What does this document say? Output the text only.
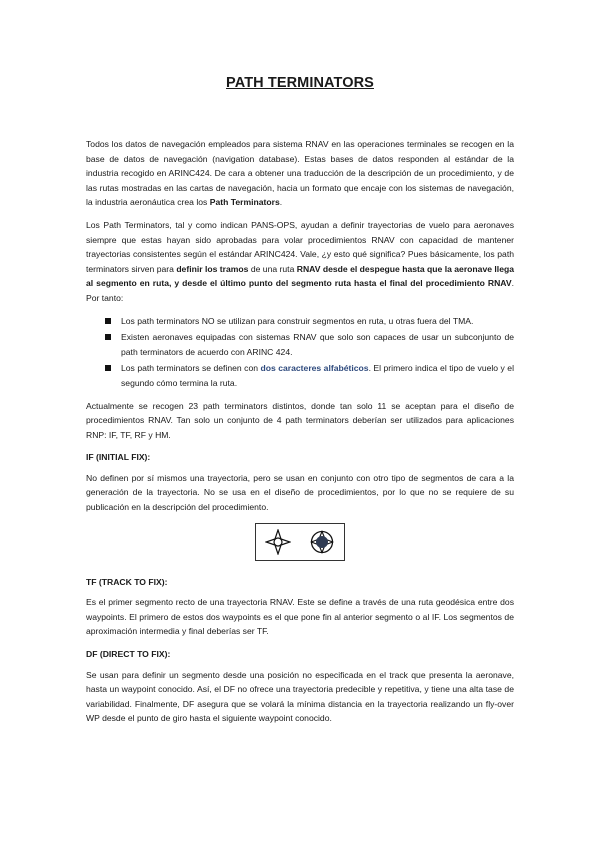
PATH TERMINATORS

Todos los datos de navegación empleados para sistema RNAV en las operaciones terminales se recogen en la base de datos de navegación (navigation database). Estas bases de datos responden al estándar de la industria recogido en ARINC424. De cara a obtener una traducción de la descripción de un procedimiento, y de las rutas mostradas en las cartas de navegación, hacia un formato que encaje con los sistemas de navegación, la industria aeronáutica crea los Path Terminators.

Los Path Terminators, tal y como indican PANS-OPS, ayudan a definir trayectorias de vuelo para aeronaves siempre que estas hayan sido aprobadas para volar procedimientos RNAV con capacidad de mantener trayectorias consistentes según el estándar ARINC424. Vale, ¿y esto qué significa? Pues básicamente, los path terminators sirven para definir los tramos de una ruta RNAV desde el despegue hasta que la aeronave llega al segmento en ruta, y desde el último punto del segmento ruta hasta el final del procedimiento RNAV. Por tanto:

Los path terminators NO se utilizan para construir segmentos en ruta, u otras fuera del TMA.
Existen aeronaves equipadas con sistemas RNAV que solo son capaces de usar un subconjunto de path terminators de acuerdo con ARINC 424.
Los path terminators se definen con dos caracteres alfabéticos. El primero indica el tipo de vuelo y el segundo cómo termina la ruta.

Actualmente se recogen 23 path terminators distintos, donde tan solo 11 se aceptan para el diseño de procedimientos RNAV. Tan solo un conjunto de 4 path terminators deberían ser utilizados para aplicaciones RNP: IF, TF, RF y HM.

IF (INITIAL FIX):

No definen por sí mismos una trayectoria, pero se usan en conjunto con otro tipo de segmentos de cara a la generación de la trayectoria. No se usa en el diseño de procedimientos, por lo que no se requiere de su publicación en la descripción del procedimiento.

TF (TRACK TO FIX):

Es el primer segmento recto de una trayectoria RNAV. Este se define a través de una ruta geodésica entre dos waypoints. El primero de estos dos waypoints es el que pone fin al anterior segmento o al IF. Los segmentos de aproximación intermedia y final deberías ser TF.

DF (DIRECT TO FIX):

Se usan para definir un segmento desde una posición no especificada en el track que presenta la aeronave, hasta un waypoint conocido. Así, el DF no ofrece una trayectoria predecible y repetitiva, y tiene una alta tase de variabilidad. Finalmente, DF asegura que se volará la mínima distancia en la trayectoria realizando un fly-over WP desde el punto de giro hasta el siguiente waypoint conocido.
